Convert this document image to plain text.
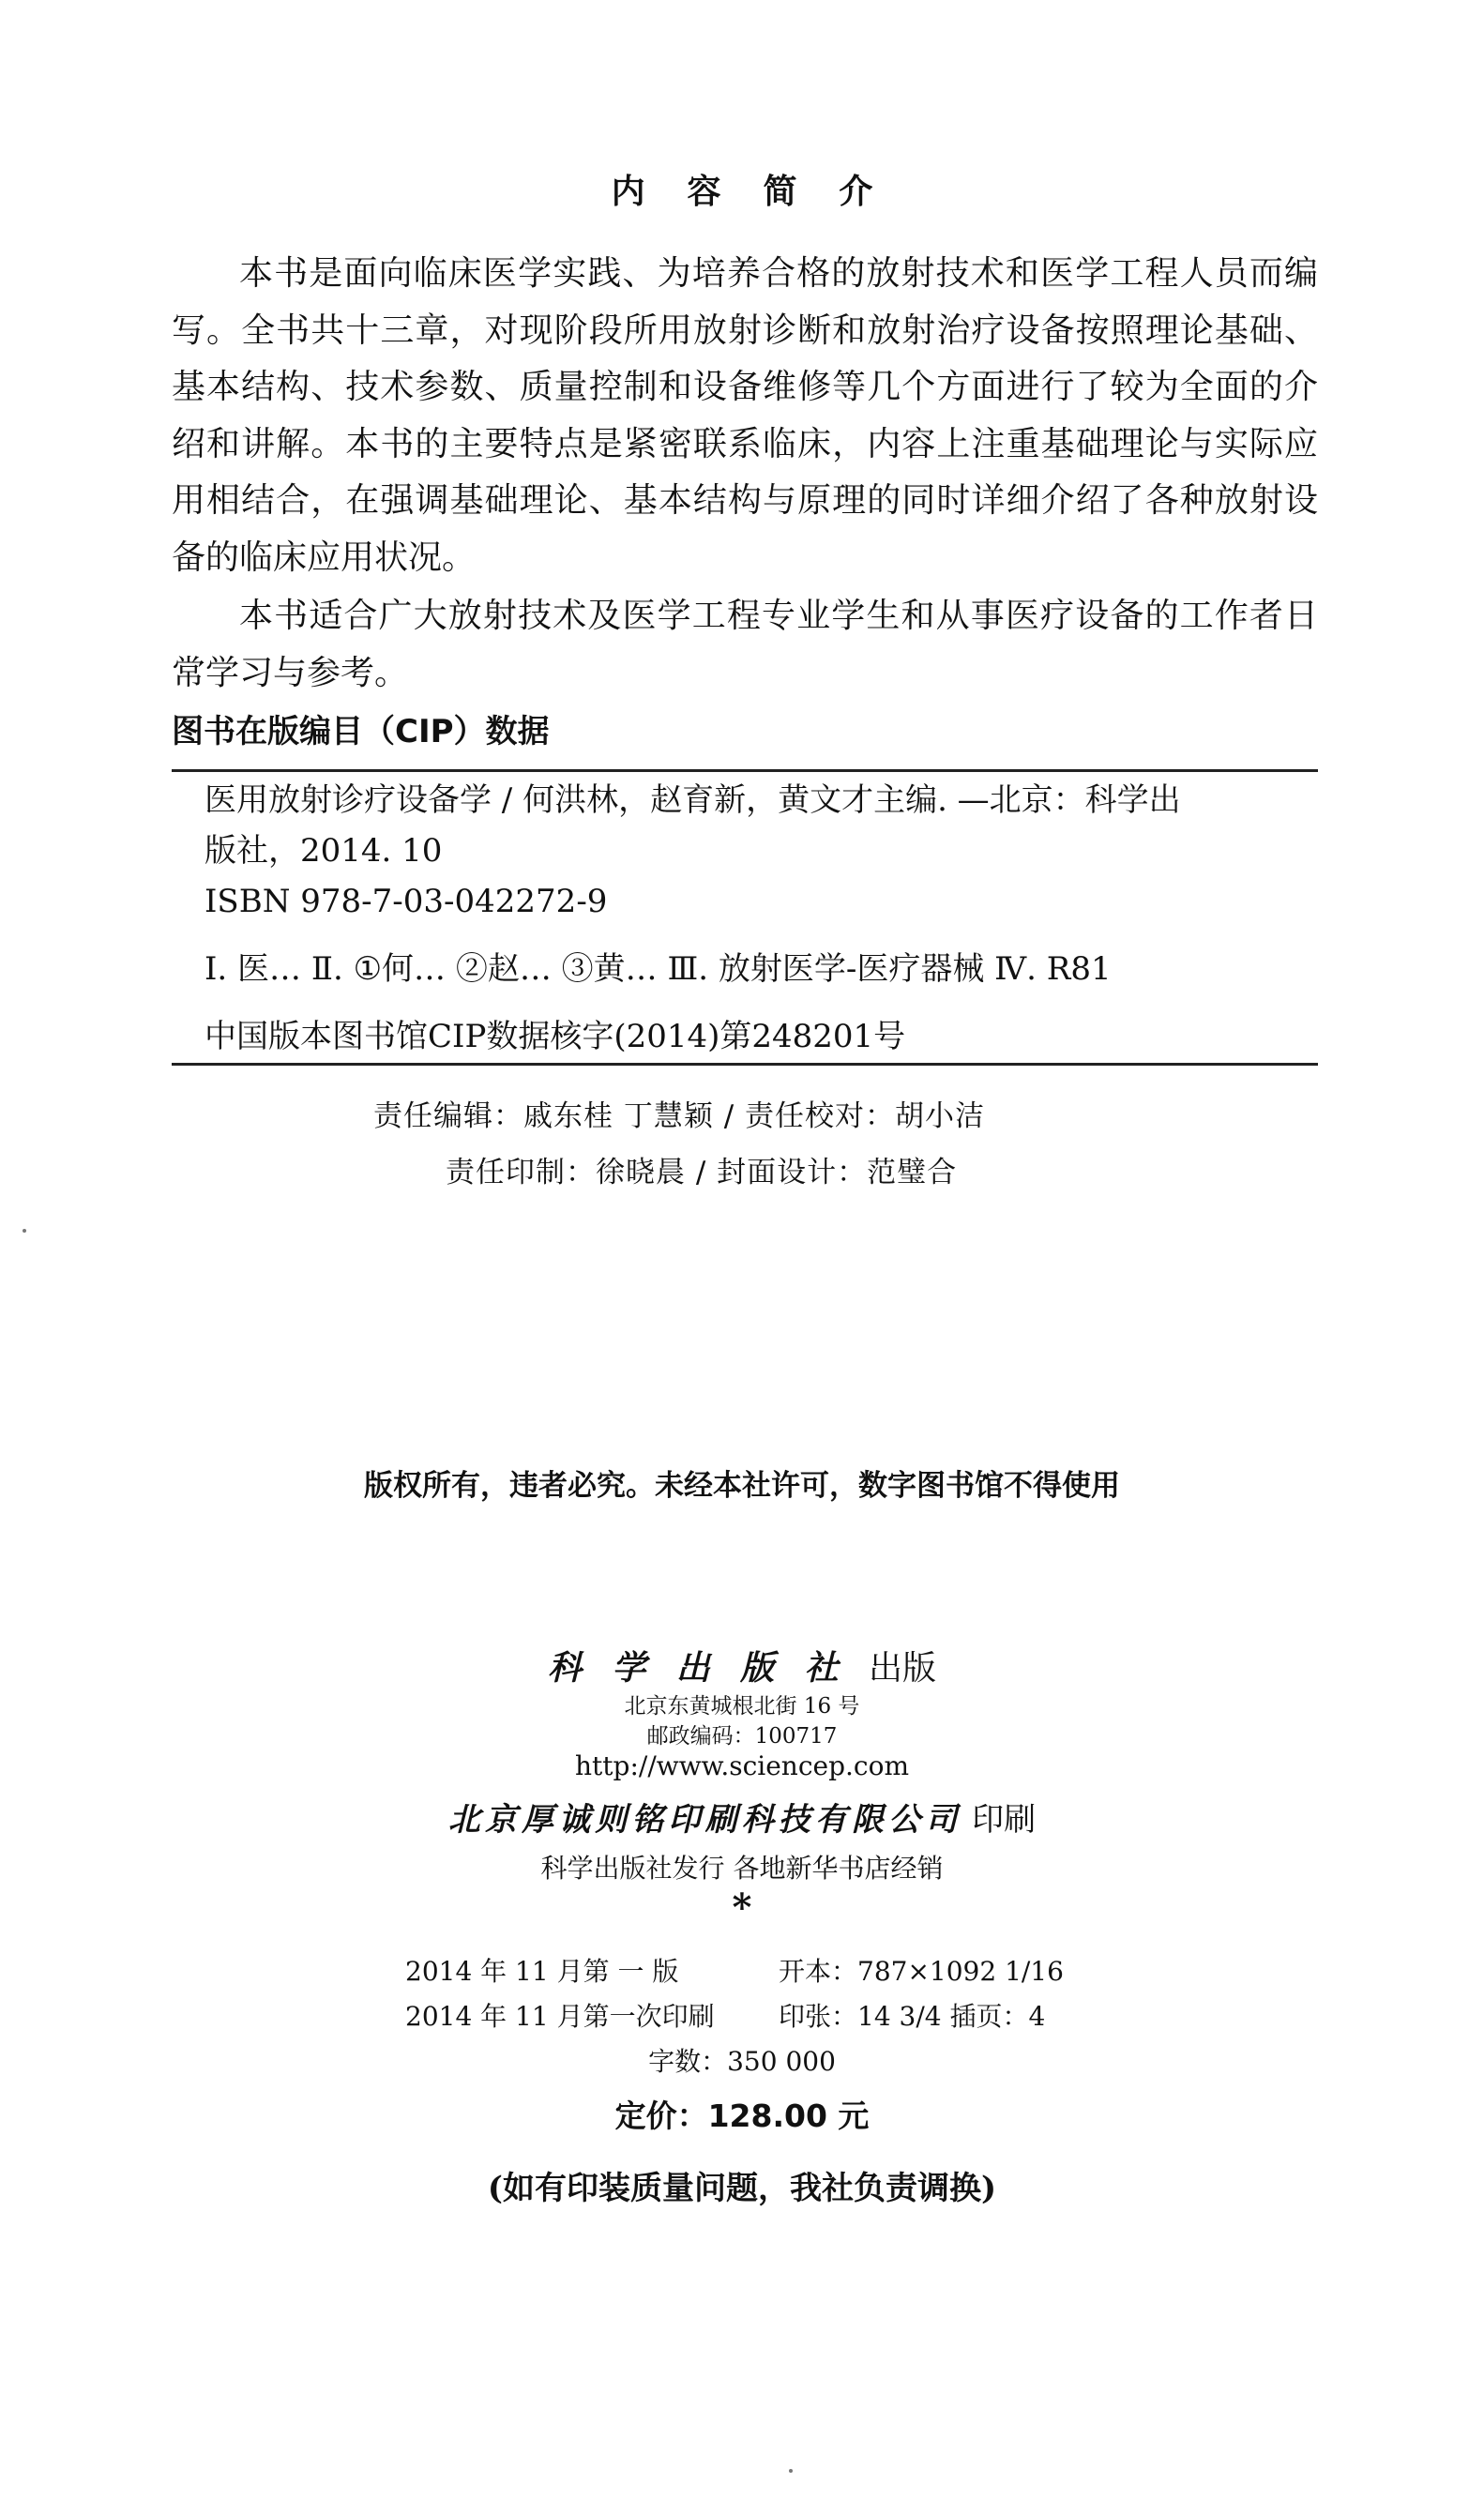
内 容 简 介

本书是面向临床医学实践、为培养合格的放射技术和医学工程人员而编写。全书共十三章，对现阶段所用放射诊断和放射治疗设备按照理论基础、基本结构、技术参数、质量控制和设备维修等几个方面进行了较为全面的介绍和讲解。本书的主要特点是紧密联系临床，内容上注重基础理论与实际应用相结合，在强调基础理论、基本结构与原理的同时详细介绍了各种放射设备的临床应用状况。

本书适合广大放射技术及医学工程专业学生和从事医疗设备的工作者日常学习与参考。

图书在版编目（CIP）数据
医用放射诊疗设备学 / 何洪林，赵育新，黄文才主编. —北京：科学出
版社，2014. 10
ISBN 978-7-03-042272-9
Ⅰ. 医… Ⅱ. ①何… ②赵… ③黄… Ⅲ. 放射医学-医疗器械 Ⅳ. R81
中国版本图书馆CIP数据核字(2014)第248201号
责任编辑：戚东桂 丁慧颖 / 责任校对：胡小洁
责任印制：徐晓晨 / 封面设计：范璧合
版权所有，违者必究。未经本社许可，数字图书馆不得使用
科学出版社出版
北京东黄城根北街 16 号
邮政编码：100717
http://www.sciencep.com
北京厚诚则铭印刷科技有限公司 印刷
科学出版社发行 各地新华书店经销
*
2014 年 11 月第 一 版	开本：787×1092 1/16
2014 年 11 月第一次印刷 印张：14 3/4 插页：4
字数：350 000
定价：128.00 元
(如有印装质量问题，我社负责调换)
